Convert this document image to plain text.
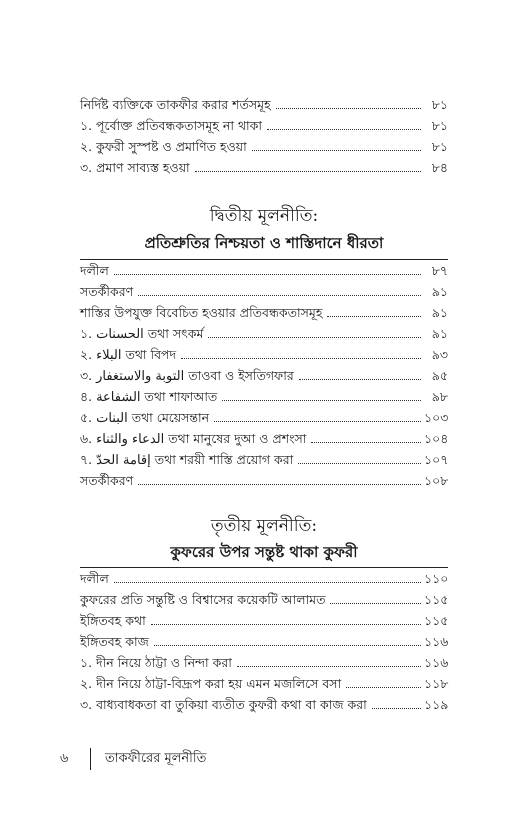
নির্দিষ্ট ব্যক্তিকে তাকফীর করার শর্তসমূহ	৮১
১. পূর্বোক্ত প্রতিবন্ধকতাসমূহ না থাকা	৮১
২. কুফরী সুস্পষ্ট ও প্রমাণিত হওয়া	৮১
৩. প্রমাণ সাব্যস্ত হওয়া	৮৪
দ্বিতীয় মূলনীতি:
প্রতিশ্রুতির নিশ্চয়তা ও শাস্তিদানে ধীরতা
দলীল	৮৭
সতর্কীকরণ	৯১
শাস্তির উপযুক্ত বিবেচিত হওয়ার প্রতিবন্ধকতাসমূহ	৯১
১. الحسنات তথা সৎকর্ম	৯১
২. البلاء তথা বিপদ	৯৩
৩. التوبة والاستغفار তাওবা ও ইসতিগফার	৯৫
৪. الشفاعة তথা শাফাআত	৯৮
৫. البنات তথা মেয়েসন্তান	১০৩
৬. الدعاء والثناء তথা মানুষের দুআ ও প্রশংসা	১০৪
৭. إقامة الحدّ তথা শরয়ী শাস্তি প্রয়োগ করা	১০৭
সতর্কীকরণ	১০৮
তৃতীয় মূলনীতি:
কুফরের উপর সন্তুষ্ট থাকা কুফরী
দলীল	১১০
কুফরের প্রতি সন্তুষ্টি ও বিশ্বাসের কয়েকটি আলামত	১১৫
ইঙ্গিতবহ কথা	১১৫
ইঙ্গিতবহ কাজ	১১৬
১. দীন নিয়ে ঠাট্টা ও নিন্দা করা	১১৬
২. দীন নিয়ে ঠাট্টা-বিদ্রূপ করা হয় এমন মজলিসে বসা	১১৮
৩. বাধ্যবাধকতা বা তুকিয়া ব্যতীত কুফরী কথা বা কাজ করা	১১৯
৬	তাকফীরের মূলনীতি
